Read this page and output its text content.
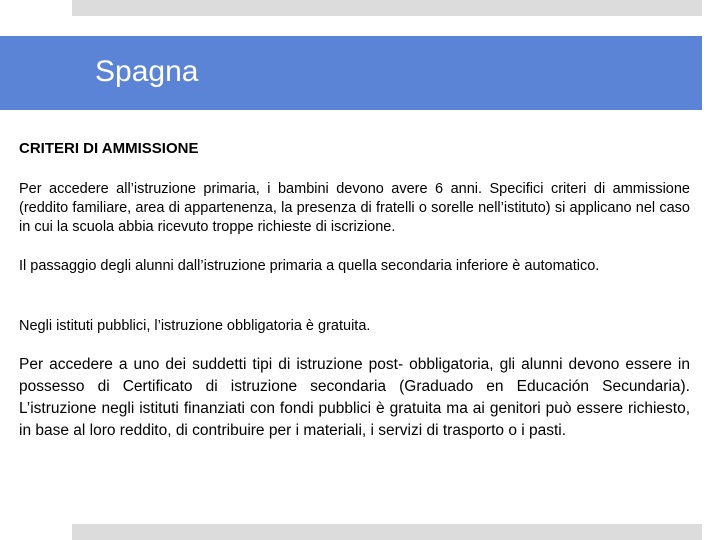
Spagna
CRITERI DI AMMISSIONE

Per accedere all’istruzione primaria, i bambini devono avere 6 anni. Specifici criteri di ammissione (reddito familiare, area di appartenenza, la presenza di fratelli o sorelle nell’istituto) si applicano nel caso in cui la scuola abbia ricevuto troppe richieste di iscrizione.

Il passaggio degli alunni dall’istruzione primaria a quella secondaria inferiore è automatico.

Negli istituti pubblici, l’istruzione obbligatoria è gratuita.

Per accedere a uno dei suddetti tipi di istruzione post- obbligatoria, gli alunni devono essere in possesso di Certificato di istruzione secondaria (Graduado en Educación Secundaria). L’istruzione negli istituti finanziati con fondi pubblici è gratuita ma ai genitori può essere richiesto, in base al loro reddito, di contribuire per i materiali, i servizi di trasporto o i pasti.
